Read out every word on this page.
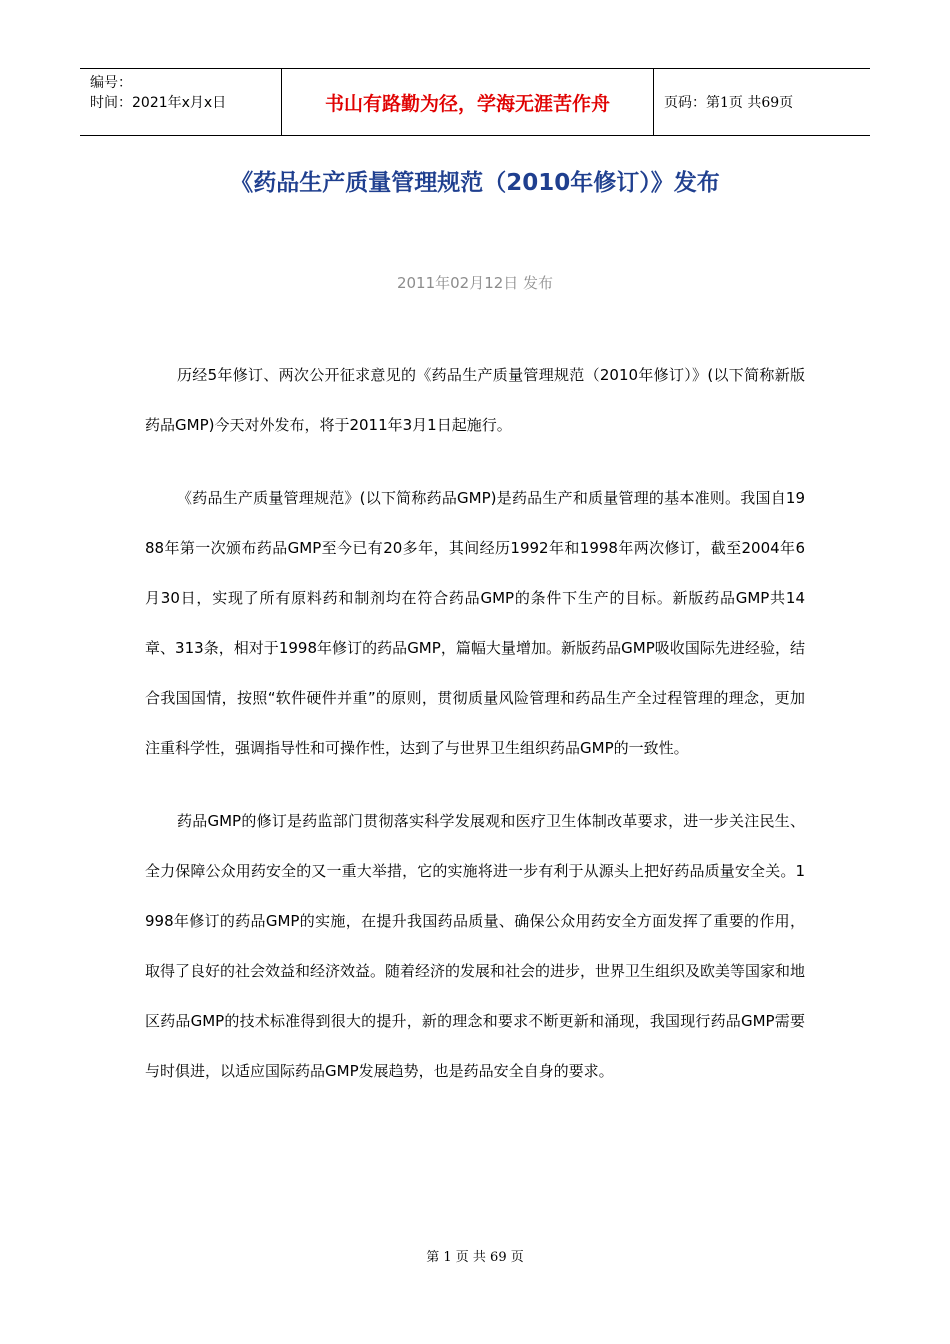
编号：
时间：2021年x月x日	书山有路勤为径，学海无涯苦作舟	页码：第1页 共69页
《药品生产质量管理规范（2010年修订）》发布
2011年02月12日 发布

历经5年修订、两次公开征求意见的《药品生产质量管理规范（2010年修订）》(以下简称新版药品GMP)今天对外发布，将于2011年3月1日起施行。

《药品生产质量管理规范》(以下简称药品GMP)是药品生产和质量管理的基本准则。我国自1988年第一次颁布药品GMP至今已有20多年，其间经历1992年和1998年两次修订，截至2004年6月30日，实现了所有原料药和制剂均在符合药品GMP的条件下生产的目标。新版药品GMP共14章、313条，相对于1998年修订的药品GMP，篇幅大量增加。新版药品GMP吸收国际先进经验，结合我国国情，按照“软件硬件并重”的原则，贯彻质量风险管理和药品生产全过程管理的理念，更加注重科学性，强调指导性和可操作性，达到了与世界卫生组织药品GMP的一致性。

药品GMP的修订是药监部门贯彻落实科学发展观和医疗卫生体制改革要求，进一步关注民生、全力保障公众用药安全的又一重大举措，它的实施将进一步有利于从源头上把好药品质量安全关。1998年修订的药品GMP的实施，在提升我国药品质量、确保公众用药安全方面发挥了重要的作用，取得了良好的社会效益和经济效益。随着经济的发展和社会的进步，世界卫生组织及欧美等国家和地区药品GMP的技术标准得到很大的提升，新的理念和要求不断更新和涌现，我国现行药品GMP需要与时俱进，以适应国际药品GMP发展趋势，也是药品安全自身的要求。

第 1 页 共 69 页
